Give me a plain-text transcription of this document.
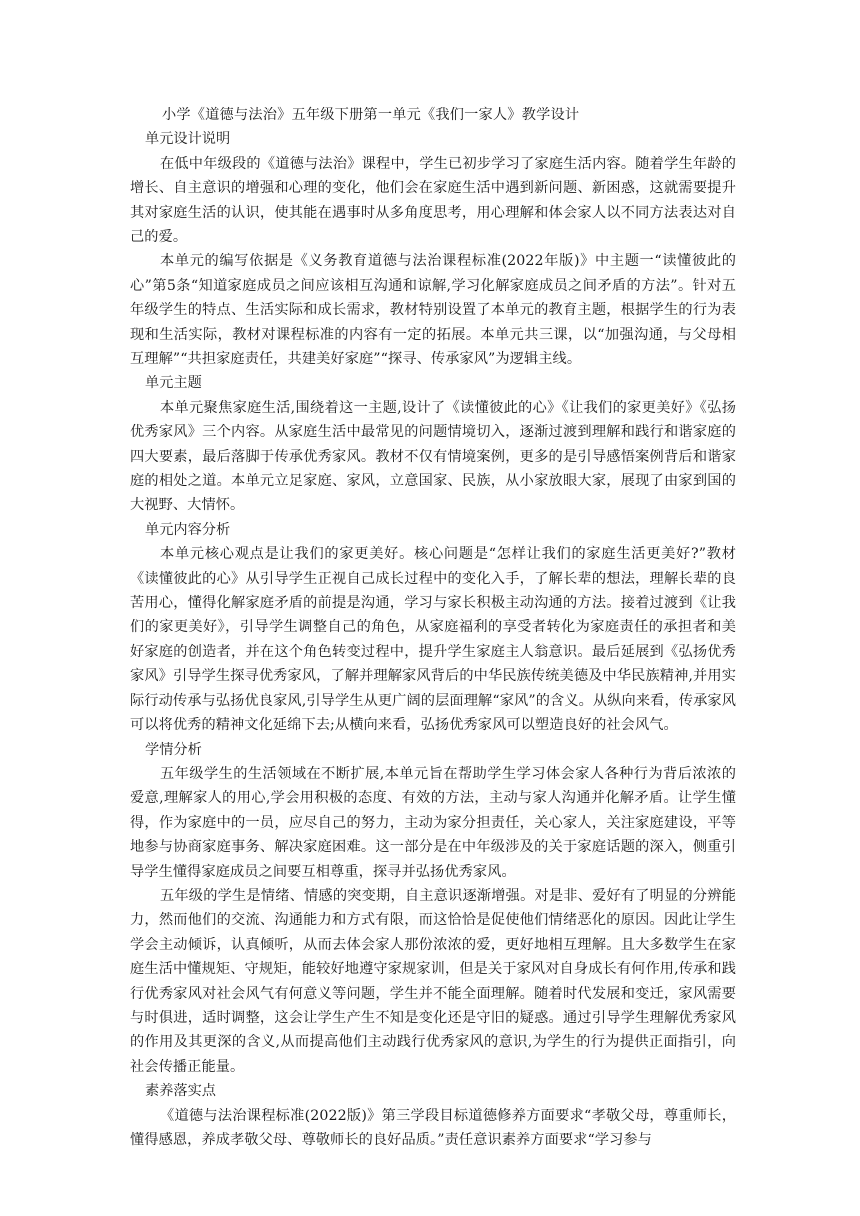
小学《道德与法治》五年级下册第一单元《我们一家人》教学设计
单元设计说明

在低中年级段的《道德与法治》课程中，学生已初步学习了家庭生活内容。随着学生年龄的增长、自主意识的增强和心理的变化，他们会在家庭生活中遇到新问题、新困惑，这就需要提升其对家庭生活的认识，使其能在遇事时从多角度思考，用心理解和体会家人以不同方法表达对自己的爱。

本单元的编写依据是《义务教育道德与法治课程标准(2022年版)》中主题一“读懂彼此的心”第5条“知道家庭成员之间应该相互沟通和谅解,学习化解家庭成员之间矛盾的方法”。针对五年级学生的特点、生活实际和成长需求，教材特别设置了本单元的教育主题，根据学生的行为表现和生活实际，教材对课程标准的内容有一定的拓展。本单元共三课，以“加强沟通，与父母相互理解”“共担家庭责任，共建美好家庭”“探寻、传承家风”为逻辑主线。

单元主题

本单元聚焦家庭生活,围绕着这一主题,设计了《读懂彼此的心》《让我们的家更美好》《弘扬优秀家风》三个内容。从家庭生活中最常见的问题情境切入，逐渐过渡到理解和践行和谐家庭的四大要素，最后落脚于传承优秀家风。教材不仅有情境案例，更多的是引导感悟案例背后和谐家庭的相处之道。本单元立足家庭、家风，立意国家、民族，从小家放眼大家，展现了由家到国的大视野、大情怀。

单元内容分析

本单元核心观点是让我们的家更美好。核心问题是“怎样让我们的家庭生活更美好?”教材《读懂彼此的心》从引导学生正视自己成长过程中的变化入手，了解长辈的想法，理解长辈的良苦用心，懂得化解家庭矛盾的前提是沟通，学习与家长积极主动沟通的方法。接着过渡到《让我们的家更美好》，引导学生调整自己的角色，从家庭福利的享受者转化为家庭责任的承担者和美好家庭的创造者，并在这个角色转变过程中，提升学生家庭主人翁意识。最后延展到《弘扬优秀家风》引导学生探寻优秀家风，了解并理解家风背后的中华民族传统美德及中华民族精神,并用实际行动传承与弘扬优良家风,引导学生从更广阔的层面理解“家风”的含义。从纵向来看，传承家风可以将优秀的精神文化延绵下去;从横向来看，弘扬优秀家风可以塑造良好的社会风气。

学情分析

五年级学生的生活领域在不断扩展,本单元旨在帮助学生学习体会家人各种行为背后浓浓的爱意,理解家人的用心,学会用积极的态度、有效的方法，主动与家人沟通并化解矛盾。让学生懂得，作为家庭中的一员，应尽自己的努力，主动为家分担责任，关心家人，关注家庭建设，平等地参与协商家庭事务、解决家庭困难。这一部分是在中年级涉及的关于家庭话题的深入，侧重引导学生懂得家庭成员之间要互相尊重，探寻并弘扬优秀家风。

五年级的学生是情绪、情感的突变期，自主意识逐渐增强。对是非、爱好有了明显的分辨能力，然而他们的交流、沟通能力和方式有限，而这恰恰是促使他们情绪恶化的原因。因此让学生学会主动倾诉，认真倾听，从而去体会家人那份浓浓的爱，更好地相互理解。且大多数学生在家庭生活中懂规矩、守规矩，能较好地遵守家规家训，但是关于家风对自身成长有何作用,传承和践行优秀家风对社会风气有何意义等问题，学生并不能全面理解。随着时代发展和变迁，家风需要与时俱进，适时调整，这会让学生产生不知是变化还是守旧的疑惑。通过引导学生理解优秀家风的作用及其更深的含义,从而提高他们主动践行优秀家风的意识,为学生的行为提供正面指引，向社会传播正能量。

素养落实点

《道德与法治课程标准(2022版)》第三学段目标道德修养方面要求“孝敬父母，尊重师长，懂得感恩，养成孝敬父母、尊敬师长的良好品质。”责任意识素养方面要求“学习参与
